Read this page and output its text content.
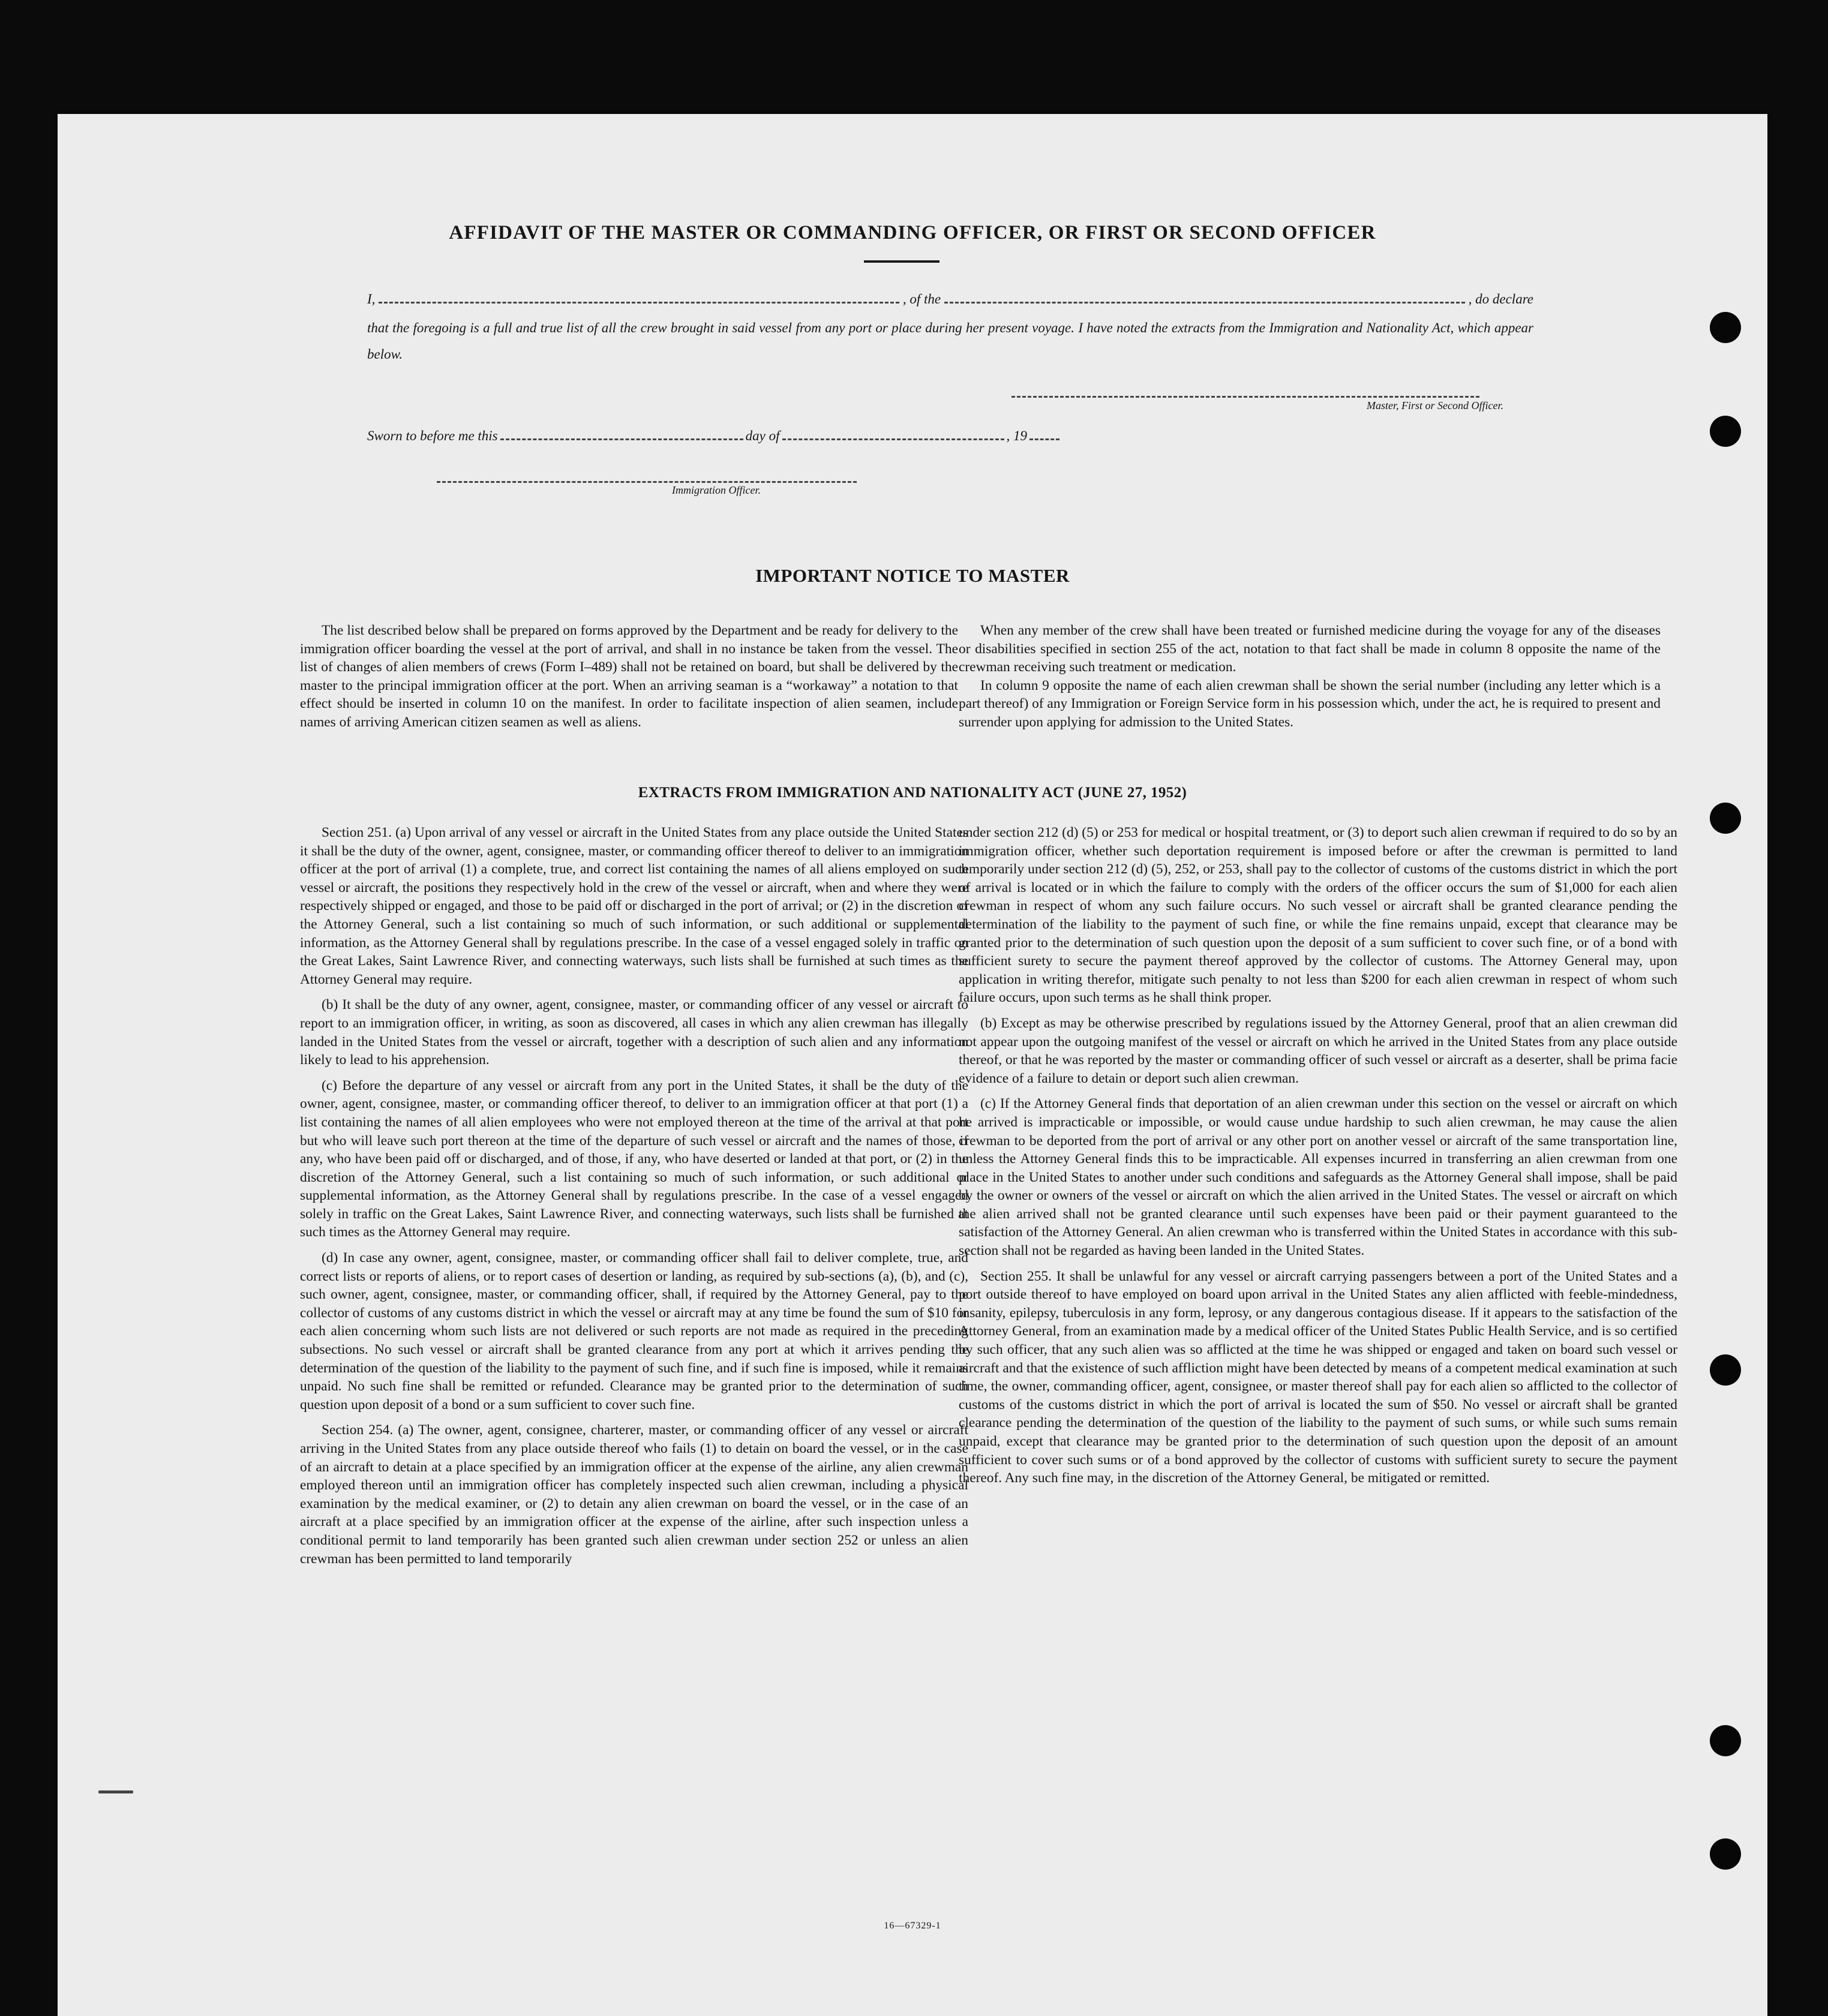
AFFIDAVIT OF THE MASTER OR COMMANDING OFFICER, OR FIRST OR SECOND OFFICER
I,	, of the	, do declare
that the foregoing is a full and true list of all the crew brought in said vessel from any port or place during her present voyage. I have noted the extracts from the Immigration and Nationality Act, which appear below.
Master, First or Second Officer.
Sworn to before me this	day of	, 19
Immigration Officer.
IMPORTANT NOTICE TO MASTER

The list described below shall be prepared on forms approved by the Department and be ready for delivery to the immigration officer boarding the vessel at the port of arrival, and shall in no instance be taken from the vessel. The list of changes of alien members of crews (Form I–489) shall not be retained on board, but shall be delivered by the master to the principal immigration officer at the port. When an arriving seaman is a “workaway” a notation to that effect should be inserted in column 10 on the manifest. In order to facilitate inspection of alien seamen, include names of arriving American citizen seamen as well as aliens.

When any member of the crew shall have been treated or furnished medicine during the voyage for any of the diseases or disabilities specified in section 255 of the act, notation to that fact shall be made in column 8 opposite the name of the crewman receiving such treatment or medication.

In column 9 opposite the name of each alien crewman shall be shown the serial number (including any letter which is a part thereof) of any Immigration or Foreign Service form in his possession which, under the act, he is required to present and surrender upon applying for admission to the United States.

EXTRACTS FROM IMMIGRATION AND NATIONALITY ACT (JUNE 27, 1952)

Section 251. (a) Upon arrival of any vessel or aircraft in the United States from any place outside the United States it shall be the duty of the owner, agent, consignee, master, or commanding officer thereof to deliver to an immigration officer at the port of arrival (1) a complete, true, and correct list containing the names of all aliens employed on such vessel or aircraft, the positions they respectively hold in the crew of the vessel or aircraft, when and where they were respectively shipped or engaged, and those to be paid off or discharged in the port of arrival; or (2) in the discretion of the Attorney General, such a list containing so much of such information, or such additional or supplemental information, as the Attorney General shall by regulations prescribe. In the case of a vessel engaged solely in traffic on the Great Lakes, Saint Lawrence River, and connecting waterways, such lists shall be furnished at such times as the Attorney General may require.

(b) It shall be the duty of any owner, agent, consignee, master, or commanding officer of any vessel or aircraft to report to an immigration officer, in writing, as soon as discovered, all cases in which any alien crewman has illegally landed in the United States from the vessel or aircraft, together with a description of such alien and any information likely to lead to his apprehension.

(c) Before the departure of any vessel or aircraft from any port in the United States, it shall be the duty of the owner, agent, consignee, master, or commanding officer thereof, to deliver to an immigration officer at that port (1) a list containing the names of all alien employees who were not employed thereon at the time of the arrival at that port but who will leave such port thereon at the time of the departure of such vessel or aircraft and the names of those, if any, who have been paid off or discharged, and of those, if any, who have deserted or landed at that port, or (2) in the discretion of the Attorney General, such a list containing so much of such information, or such additional or supplemental information, as the Attorney General shall by regulations prescribe. In the case of a vessel engaged solely in traffic on the Great Lakes, Saint Lawrence River, and connecting waterways, such lists shall be furnished at such times as the Attorney General may require.

(d) In case any owner, agent, consignee, master, or commanding officer shall fail to deliver complete, true, and correct lists or reports of aliens, or to report cases of desertion or landing, as required by sub-sections (a), (b), and (c), such owner, agent, consignee, master, or commanding officer, shall, if required by the Attorney General, pay to the collector of customs of any customs district in which the vessel or aircraft may at any time be found the sum of $10 for each alien concerning whom such lists are not delivered or such reports are not made as required in the preceding subsections. No such vessel or aircraft shall be granted clearance from any port at which it arrives pending the determination of the question of the liability to the payment of such fine, and if such fine is imposed, while it remains unpaid. No such fine shall be remitted or refunded. Clearance may be granted prior to the determination of such question upon deposit of a bond or a sum sufficient to cover such fine.

Section 254. (a) The owner, agent, consignee, charterer, master, or commanding officer of any vessel or aircraft arriving in the United States from any place outside thereof who fails (1) to detain on board the vessel, or in the case of an aircraft to detain at a place specified by an immigration officer at the expense of the airline, any alien crewman employed thereon until an immigration officer has completely inspected such alien crewman, including a physical examination by the medical examiner, or (2) to detain any alien crewman on board the vessel, or in the case of an aircraft at a place specified by an immigration officer at the expense of the airline, after such inspection unless a conditional permit to land temporarily has been granted such alien crewman under section 252 or unless an alien crewman has been permitted to land temporarily

under section 212 (d) (5) or 253 for medical or hospital treatment, or (3) to deport such alien crewman if required to do so by an immigration officer, whether such deportation requirement is imposed before or after the crewman is permitted to land temporarily under section 212 (d) (5), 252, or 253, shall pay to the collector of customs of the customs district in which the port of arrival is located or in which the failure to comply with the orders of the officer occurs the sum of $1,000 for each alien crewman in respect of whom any such failure occurs. No such vessel or aircraft shall be granted clearance pending the determination of the liability to the payment of such fine, or while the fine remains unpaid, except that clearance may be granted prior to the determination of such question upon the deposit of a sum sufficient to cover such fine, or of a bond with sufficient surety to secure the payment thereof approved by the collector of customs. The Attorney General may, upon application in writing therefor, mitigate such penalty to not less than $200 for each alien crewman in respect of whom such failure occurs, upon such terms as he shall think proper.

(b) Except as may be otherwise prescribed by regulations issued by the Attorney General, proof that an alien crewman did not appear upon the outgoing manifest of the vessel or aircraft on which he arrived in the United States from any place outside thereof, or that he was reported by the master or commanding officer of such vessel or aircraft as a deserter, shall be prima facie evidence of a failure to detain or deport such alien crewman.

(c) If the Attorney General finds that deportation of an alien crewman under this section on the vessel or aircraft on which he arrived is impracticable or impossible, or would cause undue hardship to such alien crewman, he may cause the alien crewman to be deported from the port of arrival or any other port on another vessel or aircraft of the same transportation line, unless the Attorney General finds this to be impracticable. All expenses incurred in transferring an alien crewman from one place in the United States to another under such conditions and safeguards as the Attorney General shall impose, shall be paid by the owner or owners of the vessel or aircraft on which the alien arrived in the United States. The vessel or aircraft on which the alien arrived shall not be granted clearance until such expenses have been paid or their payment guaranteed to the satisfaction of the Attorney General. An alien crewman who is transferred within the United States in accordance with this sub-section shall not be regarded as having been landed in the United States.

Section 255. It shall be unlawful for any vessel or aircraft carrying passengers between a port of the United States and a port outside thereof to have employed on board upon arrival in the United States any alien afflicted with feeble-mindedness, insanity, epilepsy, tuberculosis in any form, leprosy, or any dangerous contagious disease. If it appears to the satisfaction of the Attorney General, from an examination made by a medical officer of the United States Public Health Service, and is so certified by such officer, that any such alien was so afflicted at the time he was shipped or engaged and taken on board such vessel or aircraft and that the existence of such affliction might have been detected by means of a competent medical examination at such time, the owner, commanding officer, agent, consignee, or master thereof shall pay for each alien so afflicted to the collector of customs of the customs district in which the port of arrival is located the sum of $50. No vessel or aircraft shall be granted clearance pending the determination of the question of the liability to the payment of such sums, or while such sums remain unpaid, except that clearance may be granted prior to the determination of such question upon the deposit of an amount sufficient to cover such sums or of a bond approved by the collector of customs with sufficient surety to secure the payment thereof. Any such fine may, in the discretion of the Attorney General, be mitigated or remitted.

16—67329-1
